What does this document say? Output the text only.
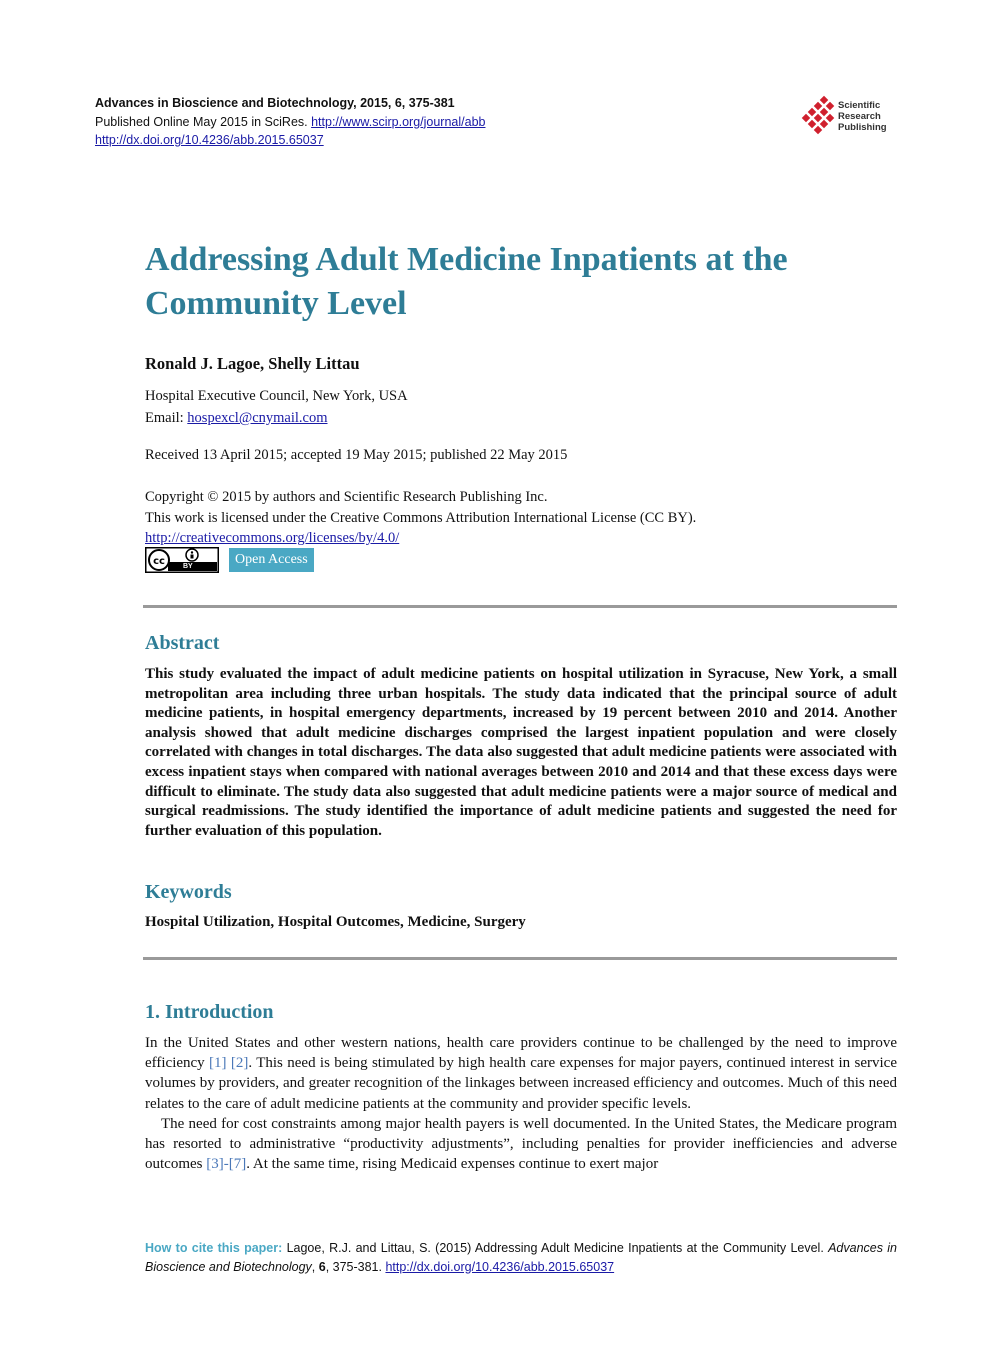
Advances in Bioscience and Biotechnology, 2015, 6, 375-381
Published Online May 2015 in SciRes. http://www.scirp.org/journal/abb
http://dx.doi.org/10.4236/abb.2015.65037
Scientific
Research
Publishing
Addressing Adult Medicine Inpatients at the Community Level
Ronald J. Lagoe, Shelly Littau
Hospital Executive Council, New York, USA
Email: hospexcl@cnymail.com
Received 13 April 2015; accepted 19 May 2015; published 22 May 2015
Copyright © 2015 by authors and Scientific Research Publishing Inc.
This work is licensed under the Creative Commons Attribution International License (CC BY).
http://creativecommons.org/licenses/by/4.0/
cc	BY	Open Access
Abstract
This study evaluated the impact of adult medicine patients on hospital utilization in Syracuse, New York, a small metropolitan area including three urban hospitals. The study data indicated that the principal source of adult medicine patients, in hospital emergency departments, increased by 19 percent between 2010 and 2014. Another analysis showed that adult medicine discharges comprised the largest inpatient population and were closely correlated with changes in total discharges. The data also suggested that adult medicine patients were associated with excess inpatient stays when compared with national averages between 2010 and 2014 and that these excess days were difficult to eliminate. The study data also suggested that adult medicine patients were a major source of medical and surgical readmissions. The study identified the importance of adult medicine patients and suggested the need for further evaluation of this population.
Keywords
Hospital Utilization, Hospital Outcomes, Medicine, Surgery
1. Introduction

In the United States and other western nations, health care providers continue to be challenged by the need to improve efficiency [1] [2]. This need is being stimulated by high health care expenses for major payers, continued interest in service volumes by providers, and greater recognition of the linkages between increased efficiency and outcomes. Much of this need relates to the care of adult medicine patients at the community and provider specific levels.

The need for cost constraints among major health payers is well documented. In the United States, the Medicare program has resorted to administrative “productivity adjustments”, including penalties for provider inefficiencies and adverse outcomes [3]-[7]. At the same time, rising Medicaid expenses continue to exert major

How to cite this paper: Lagoe, R.J. and Littau, S. (2015) Addressing Adult Medicine Inpatients at the Community Level. Advances in Bioscience and Biotechnology, 6, 375-381. http://dx.doi.org/10.4236/abb.2015.65037
